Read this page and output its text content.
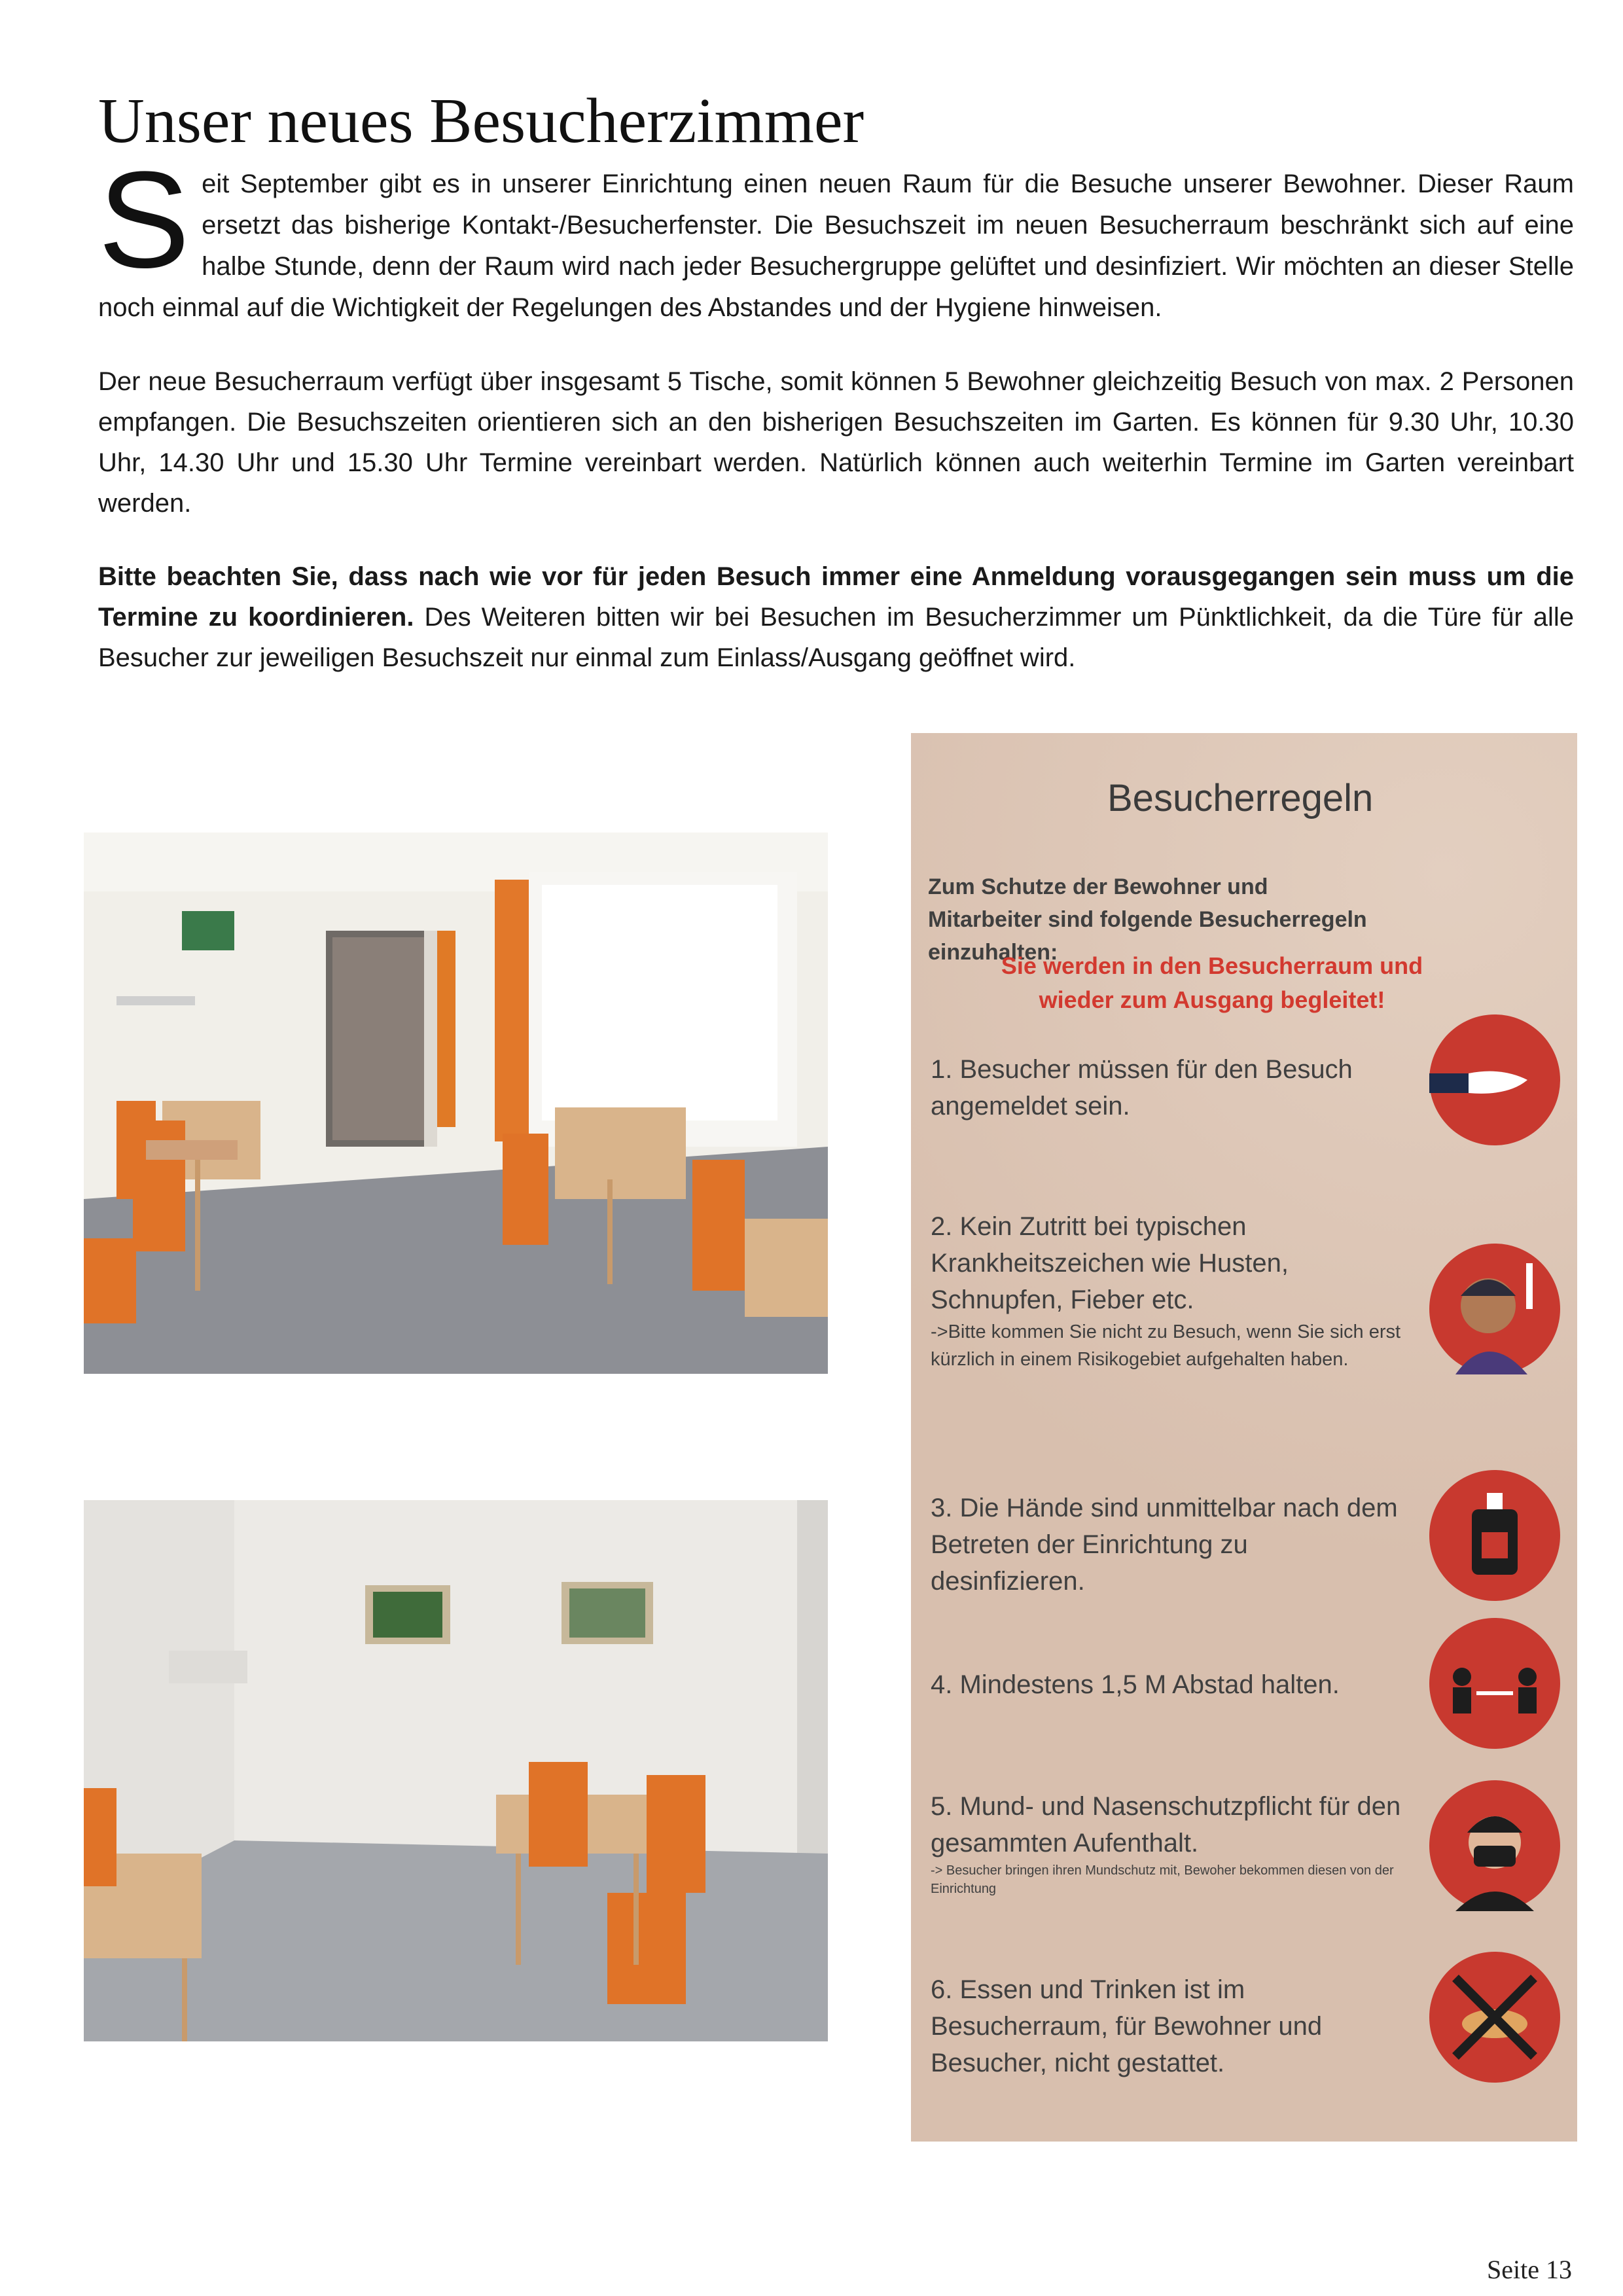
Unser neues Besucherzimmer

Seit September gibt es in unserer Einrichtung einen neuen Raum für die Besuche unserer Bewohner. Dieser Raum ersetzt das bisherige Kontakt-/Besucherfenster. Die Besuchszeit im neuen Besucherraum beschränkt sich auf eine halbe Stunde, denn der Raum wird nach jeder Besuchergruppe gelüftet und desinfiziert. Wir möchten an dieser Stelle noch einmal auf die Wichtigkeit der Regelungen des Abstandes und der Hygiene hinweisen.

Der neue Besucherraum verfügt über insgesamt 5 Tische, somit können 5 Bewohner gleichzeitig Besuch von max. 2 Personen empfangen. Die Besuchszeiten orientieren sich an den bisherigen Besuchszeiten im Garten. Es können für 9.30 Uhr, 10.30 Uhr, 14.30 Uhr und 15.30 Uhr Termine vereinbart werden. Natürlich können auch weiterhin Termine im Garten vereinbart werden.

Bitte beachten Sie, dass nach wie vor für jeden Besuch immer eine Anmeldung vorausgegangen sein muss um die Termine zu koordinieren. Des Weiteren bitten wir bei Besuchen im Besucherzimmer um Pünktlichkeit, da die Türe für alle Besucher zur jeweiligen Besuchszeit nur einmal zum Einlass/Ausgang geöffnet wird.

Besucherregeln
Zum Schutze der Bewohner und Mitarbeiter sind folgende Besucherregeln einzuhalten:
Sie werden in den Besucherraum und wieder zum Ausgang begleitet!
1. Besucher müssen für den Besuch angemeldet sein.
2. Kein Zutritt bei typischen Krankheitszeichen wie Husten, Schnupfen, Fieber etc.
->Bitte kommen Sie nicht zu Besuch, wenn Sie sich erst kürzlich in einem Risikogebiet aufgehalten haben.
3. Die Hände sind unmittelbar nach dem Betreten der Einrichtung zu desinfizieren.
4. Mindestens 1,5 M Abstad halten.
5. Mund- und Nasenschutzpflicht für den gesammten Aufenthalt.
-> Besucher bringen ihren Mundschutz mit, Bewoher bekommen diesen von der Einrichtung
6. Essen und Trinken ist im Besucherraum, für Bewohner und Besucher, nicht gestattet.
Seite 13
